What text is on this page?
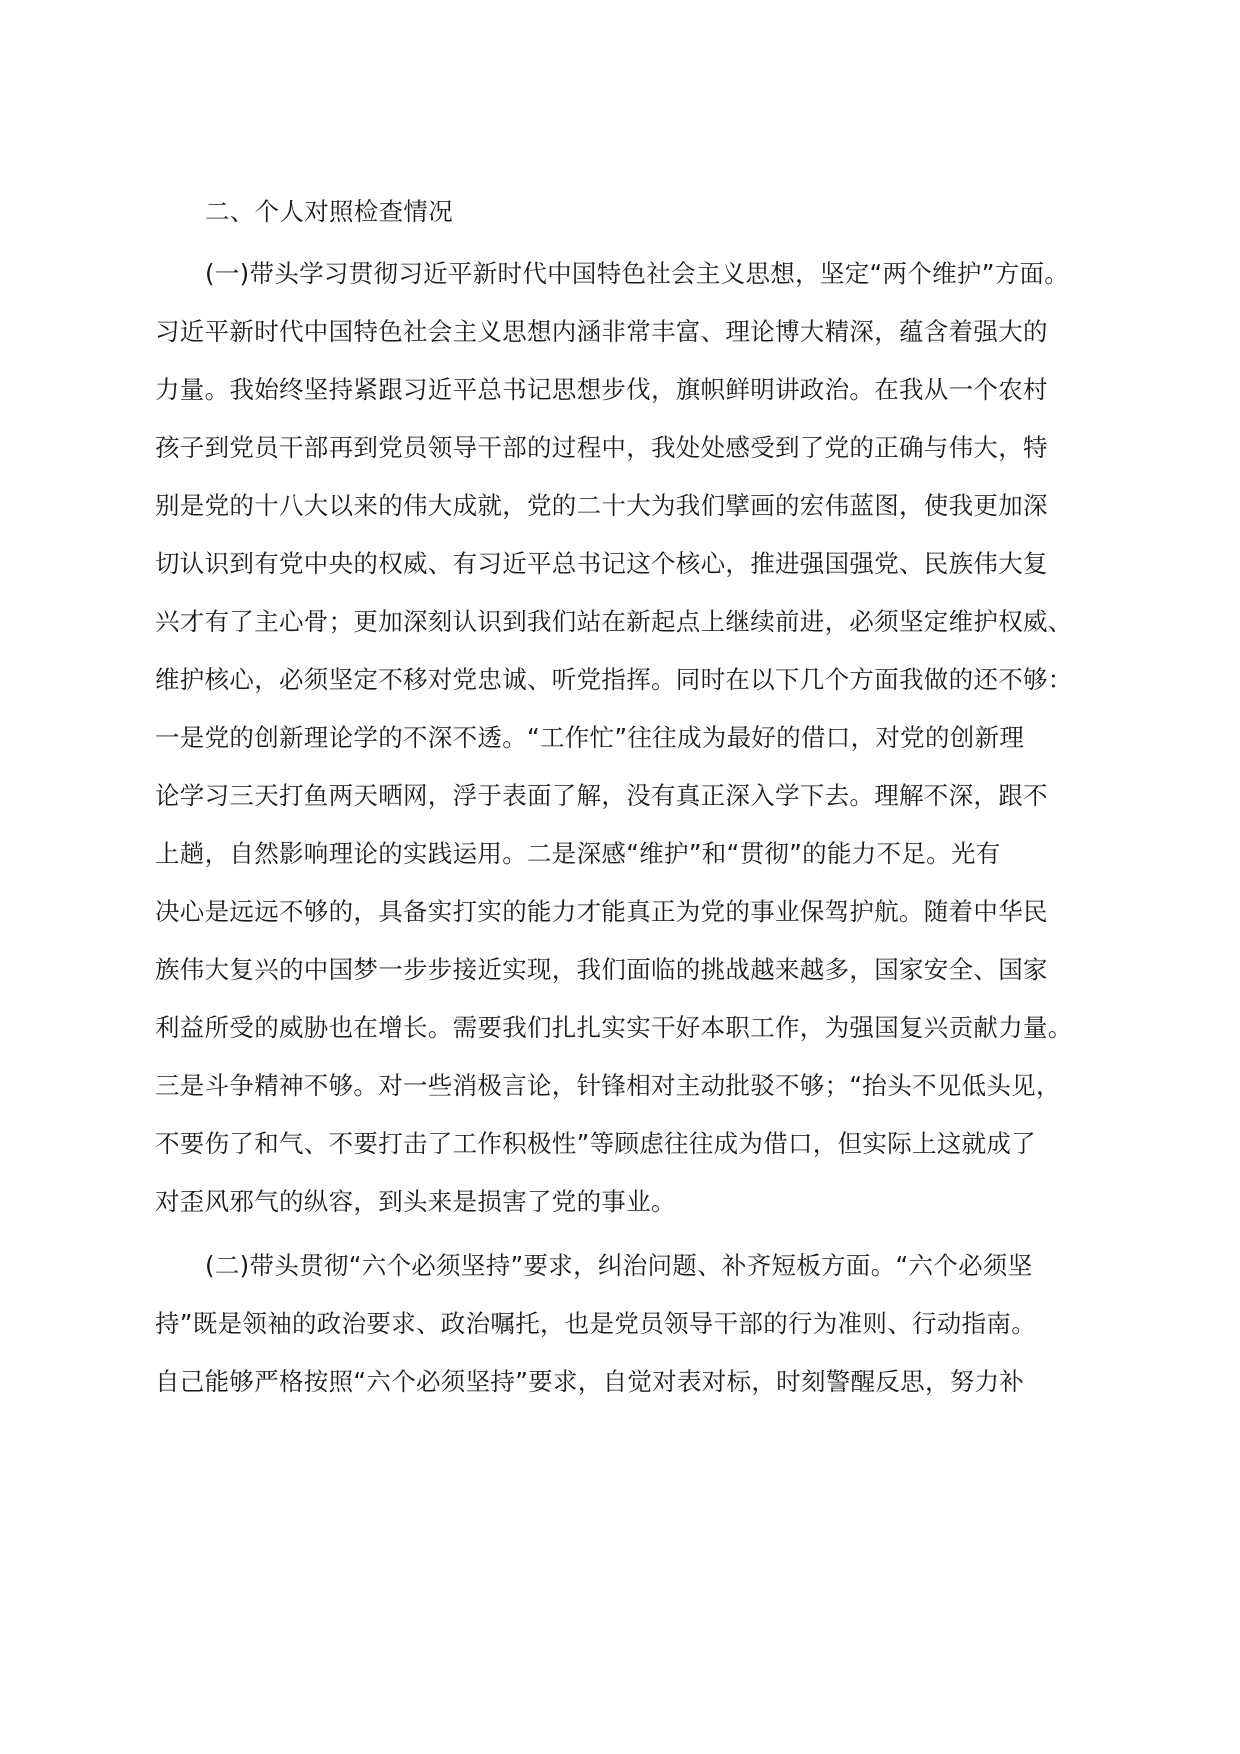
二、个人对照检查情况
(一)带头学习贯彻习近平新时代中国特色社会主义思想，坚定“两个维护”方面。
习近平新时代中国特色社会主义思想内涵非常丰富、理论博大精深，蕴含着强大的
力量。我始终坚持紧跟习近平总书记思想步伐，旗帜鲜明讲政治。在我从一个农村
孩子到党员干部再到党员领导干部的过程中，我处处感受到了党的正确与伟大，特
别是党的十八大以来的伟大成就，党的二十大为我们擘画的宏伟蓝图，使我更加深
切认识到有党中央的权威、有习近平总书记这个核心，推进强国强党、民族伟大复
兴才有了主心骨；更加深刻认识到我们站在新起点上继续前进，必须坚定维护权威、
维护核心，必须坚定不移对党忠诚、听党指挥。同时在以下几个方面我做的还不够：
一是党的创新理论学的不深不透。“工作忙”往往成为最好的借口，对党的创新理
论学习三天打鱼两天晒网，浮于表面了解，没有真正深入学下去。理解不深，跟不
上趟，自然影响理论的实践运用。二是深感“维护”和“贯彻”的能力不足。光有
决心是远远不够的，具备实打实的能力才能真正为党的事业保驾护航。随着中华民
族伟大复兴的中国梦一步步接近实现，我们面临的挑战越来越多，国家安全、国家
利益所受的威胁也在增长。需要我们扎扎实实干好本职工作，为强国复兴贡献力量。
三是斗争精神不够。对一些消极言论，针锋相对主动批驳不够；“抬头不见低头见，
不要伤了和气、不要打击了工作积极性”等顾虑往往成为借口，但实际上这就成了
对歪风邪气的纵容，到头来是损害了党的事业。
(二)带头贯彻“六个必须坚持”要求，纠治问题、补齐短板方面。“六个必须坚
持”既是领袖的政治要求、政治嘱托，也是党员领导干部的行为准则、行动指南。
自己能够严格按照“六个必须坚持”要求，自觉对表对标，时刻警醒反思，努力补
